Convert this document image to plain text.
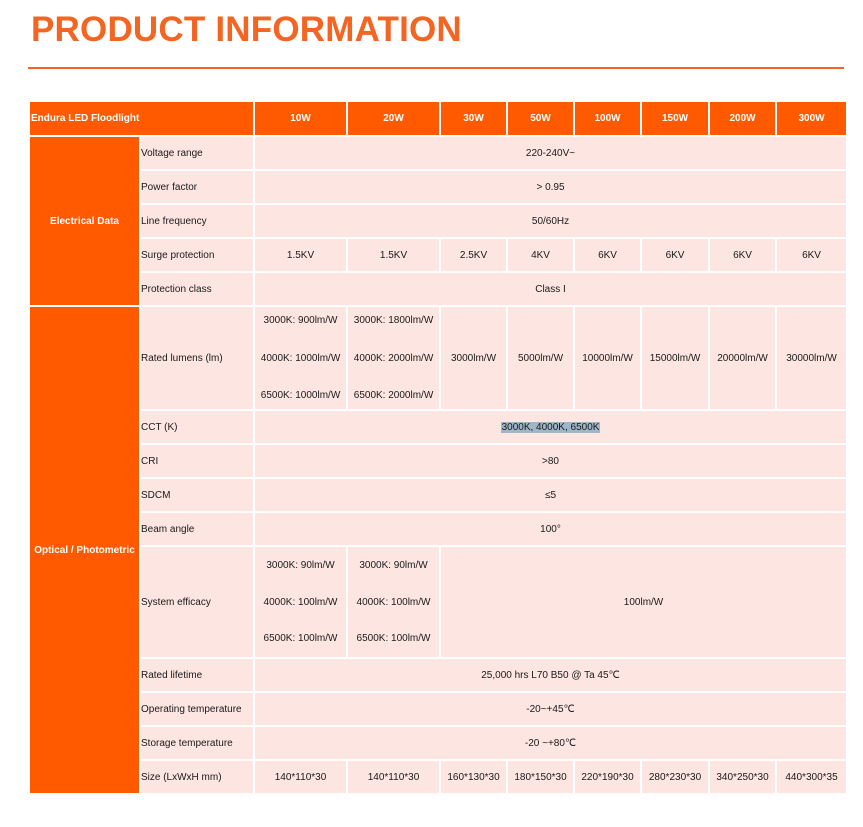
PRODUCT INFORMATION
Endura LED Floodlight		10W	20W	30W	50W	100W	150W	200W	300W
Electrical Data	Voltage range	220-240V~							
	Power factor	> 0.95							
	Line frequency	50/60Hz							
	Surge protection	1.5KV	1.5KV	2.5KV	4KV	6KV	6KV	6KV	6KV
	Protection class	Class I							
Optical / Photometric	Rated lumens (lm)	3000K: 900lm/W
4000K: 1000lm/W
6500K: 1000lm/W	3000K: 1800lm/W
4000K: 2000lm/W
6500K: 2000lm/W	3000lm/W	5000lm/W	10000lm/W	15000lm/W	20000lm/W	30000lm/W
	CCT (K)	3000K, 4000K, 6500K							
	CRI	>80							
	SDCM	≤5							
	Beam angle	100°							
	System efficacy	3000K: 90lm/W
4000K: 100lm/W
6500K: 100lm/W	3000K: 90lm/W
4000K: 100lm/W
6500K: 100lm/W	100lm/W					
	Rated lifetime	25,000 hrs L70 B50 @ Ta 45℃							
	Operating temperature	-20~+45℃							
	Storage temperature	-20 ~+80℃							
	Size (LxWxH mm)	140*110*30	140*110*30	160*130*30	180*150*30	220*190*30	280*230*30	340*250*30	440*300*35
